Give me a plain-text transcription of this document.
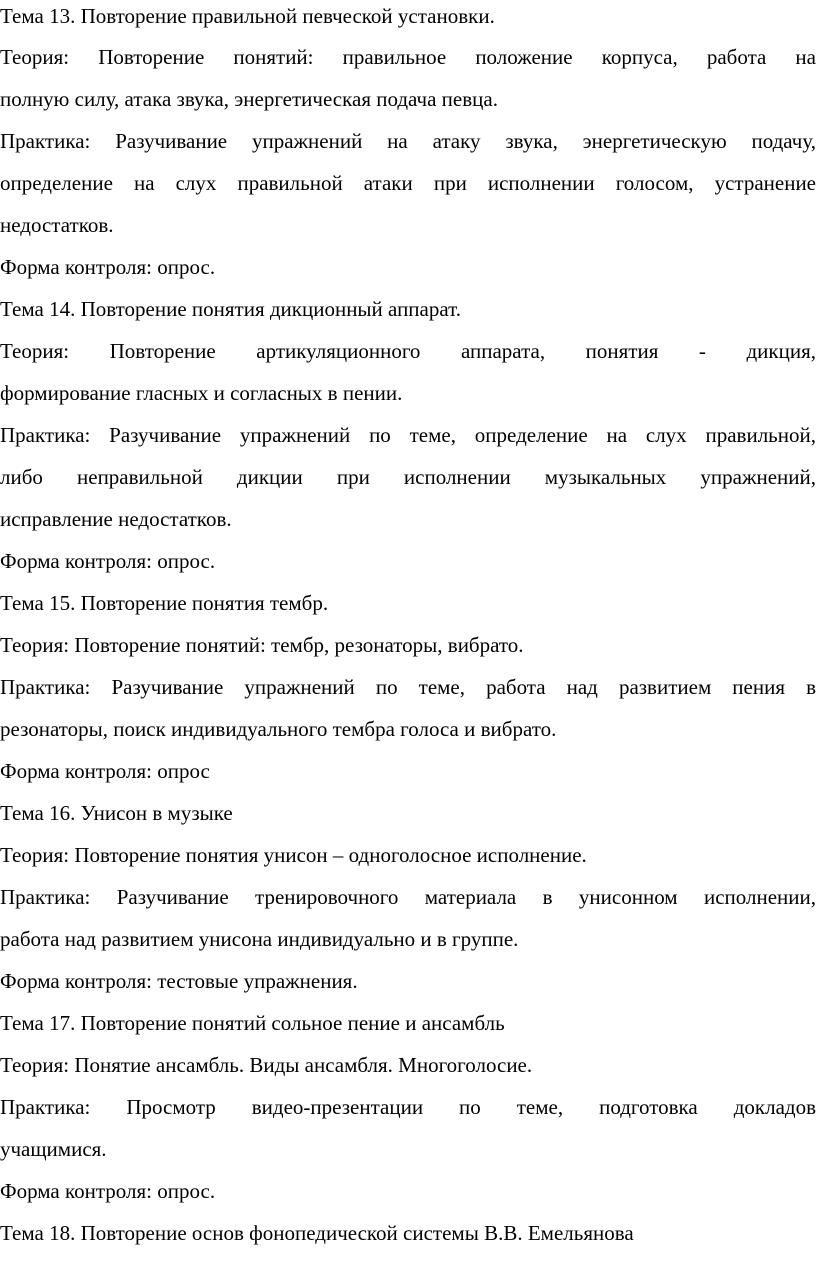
Тема 13. Повторение правильной певческой установки.
Теория: Повторение понятий: правильное положение корпуса, работа на
полную силу, атака звука, энергетическая подача певца.
Практика: Разучивание упражнений на атаку звука, энергетическую подачу,
определение на слух правильной атаки при исполнении голосом, устранение
недостатков.
Форма контроля: опрос.
Тема 14. Повторение понятия дикционный аппарат.
Теория: Повторение артикуляционного аппарата, понятия - дикция,
формирование гласных и согласных в пении.
Практика: Разучивание упражнений по теме, определение на слух правильной,
либо неправильной дикции при исполнении музыкальных упражнений,
исправление недостатков.
Форма контроля: опрос.
Тема 15. Повторение понятия тембр.
Теория: Повторение понятий: тембр, резонаторы, вибрато.
Практика: Разучивание упражнений по теме, работа над развитием пения в
резонаторы, поиск индивидуального тембра голоса и вибрато.
Форма контроля: опрос
Тема 16. Унисон в музыке
Теория: Повторение понятия унисон – одноголосное исполнение.
Практика: Разучивание тренировочного материала в унисонном исполнении,
работа над развитием унисона индивидуально и в группе.
Форма контроля: тестовые упражнения.
Тема 17. Повторение понятий сольное пение и ансамбль
Теория: Понятие ансамбль. Виды ансамбля. Многоголосие.
Практика: Просмотр видео-презентации по теме, подготовка докладов
учащимися.
Форма контроля: опрос.
Тема 18. Повторение основ фонопедической системы В.В. Емельянова
